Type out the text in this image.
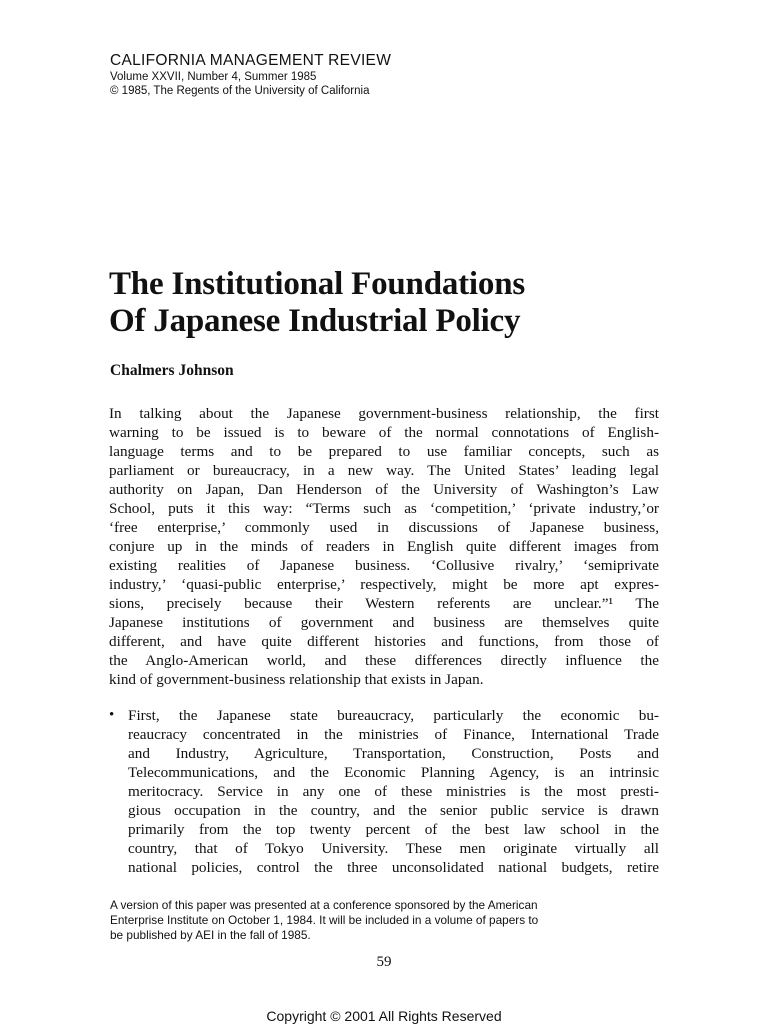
CALIFORNIA MANAGEMENT REVIEW
Volume XXVII, Number 4, Summer 1985
© 1985, The Regents of the University of California
The Institutional Foundations
Of Japanese Industrial Policy
Chalmers Johnson
In talking about the Japanese government-business relationship, the first
warning to be issued is to beware of the normal connotations of English-
language terms and to be prepared to use familiar concepts, such as
parliament or bureaucracy, in a new way. The United States’ leading legal
authority on Japan, Dan Henderson of the University of Washington’s Law
School, puts it this way: “Terms such as ‘competition,’ ‘private industry,’or
‘free enterprise,’ commonly used in discussions of Japanese business,
conjure up in the minds of readers in English quite different images from
existing realities of Japanese business. ‘Collusive rivalry,’ ‘semiprivate
industry,’ ‘quasi-public enterprise,’ respectively, might be more apt expres-
sions, precisely because their Western referents are unclear.”¹ The
Japanese institutions of government and business are themselves quite
different, and have quite different histories and functions, from those of
the Anglo-American world, and these differences directly influence the
kind of government-business relationship that exists in Japan.
• First, the Japanese state bureaucracy, particularly the economic bu-
reaucracy concentrated in the ministries of Finance, International Trade
and Industry, Agriculture, Transportation, Construction, Posts and
Telecommunications, and the Economic Planning Agency, is an intrinsic
meritocracy. Service in any one of these ministries is the most presti-
gious occupation in the country, and the senior public service is drawn
primarily from the top twenty percent of the best law school in the
country, that of Tokyo University. These men originate virtually all
national policies, control the three unconsolidated national budgets, retire
A version of this paper was presented at a conference sponsored by the American
Enterprise Institute on October 1, 1984. It will be included in a volume of papers to
be published by AEI in the fall of 1985.
59
Copyright © 2001 All Rights Reserved
